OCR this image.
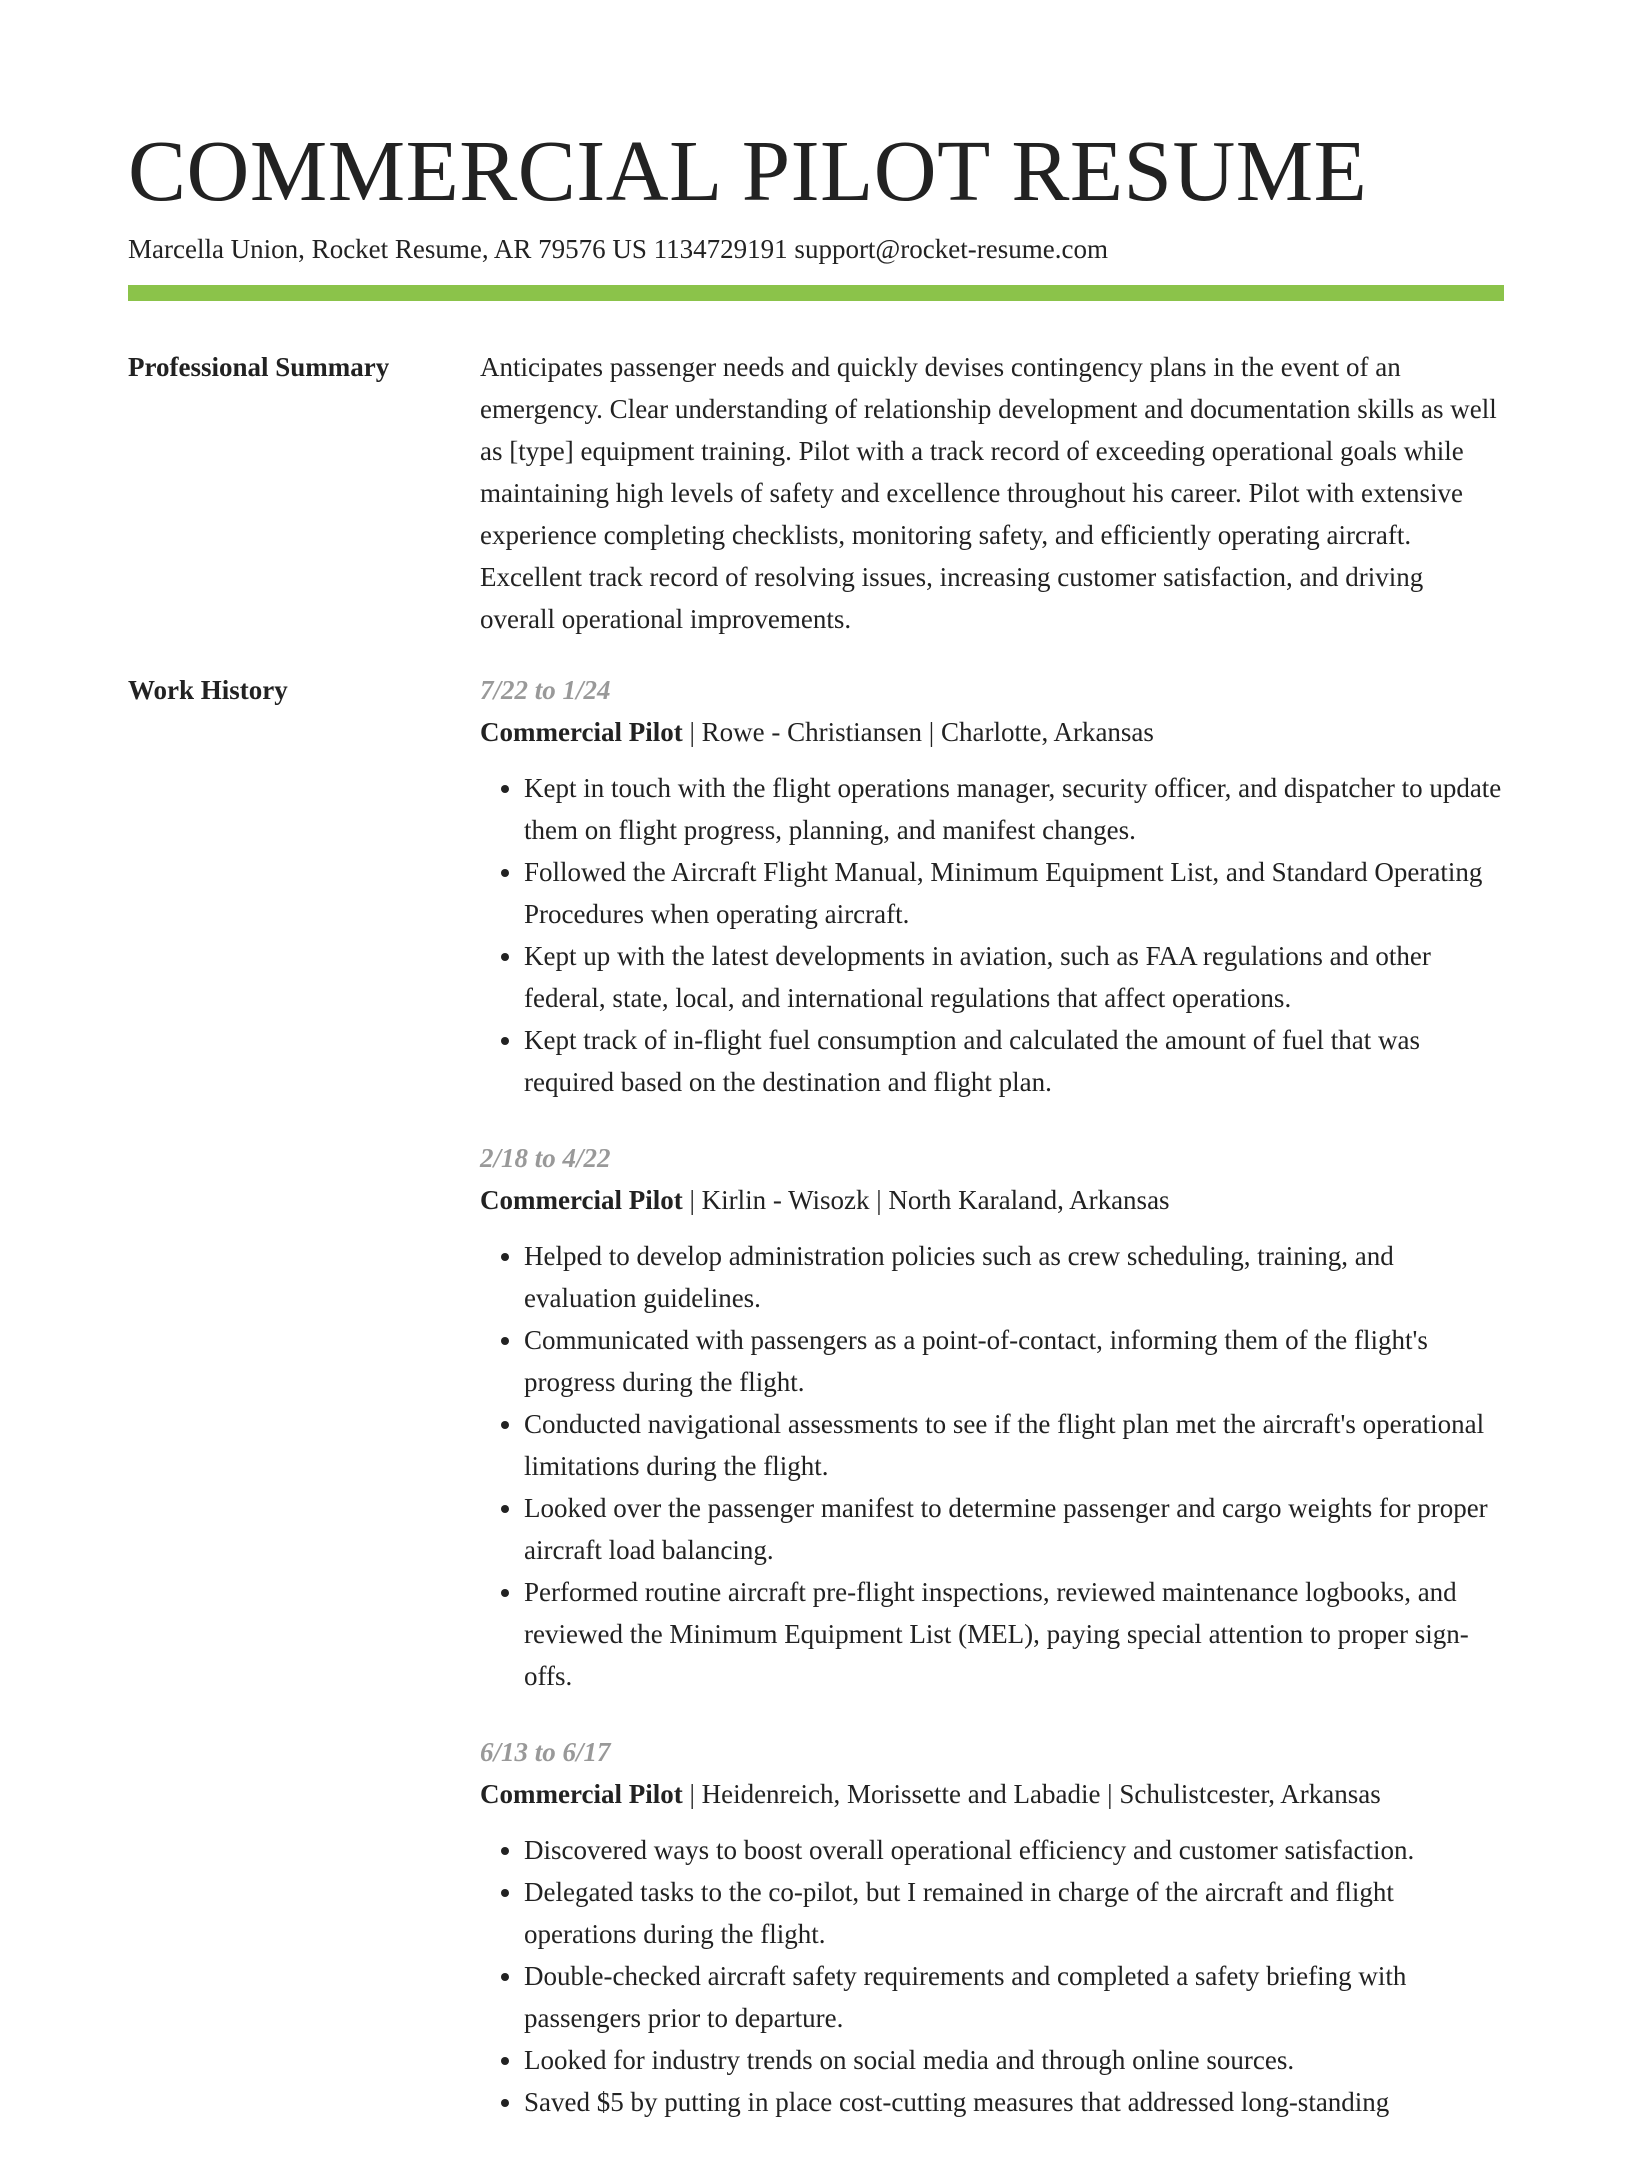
COMMERCIAL PILOT RESUME
Marcella Union, Rocket Resume, AR 79576 US 1134729191 support@rocket-resume.com
Professional Summary	Anticipates passenger needs and quickly devises contingency plans in the event of an emergency. Clear understanding of relationship development and documentation skills as well as [type] equipment training. Pilot with a track record of exceeding operational goals while maintaining high levels of safety and excellence throughout his career. Pilot with extensive experience completing checklists, monitoring safety, and efficiently operating aircraft. Excellent track record of resolving issues, increasing customer satisfaction, and driving overall operational improvements.

Work History	7/22 to 1/24
Commercial Pilot | Rowe - Christiansen | Charlotte, Arkansas
• Kept in touch with the flight operations manager, security officer, and dispatcher to update them on flight progress, planning, and manifest changes.
• Followed the Aircraft Flight Manual, Minimum Equipment List, and Standard Operating Procedures when operating aircraft.
• Kept up with the latest developments in aviation, such as FAA regulations and other federal, state, local, and international regulations that affect operations.
• Kept track of in-flight fuel consumption and calculated the amount of fuel that was required based on the destination and flight plan.
2/18 to 4/22
Commercial Pilot | Kirlin - Wisozk | North Karaland, Arkansas
• Helped to develop administration policies such as crew scheduling, training, and evaluation guidelines.
• Communicated with passengers as a point-of-contact, informing them of the flight's progress during the flight.
• Conducted navigational assessments to see if the flight plan met the aircraft's operational limitations during the flight.
• Looked over the passenger manifest to determine passenger and cargo weights for proper aircraft load balancing.
• Performed routine aircraft pre-flight inspections, reviewed maintenance logbooks, and reviewed the Minimum Equipment List (MEL), paying special attention to proper sign-offs.
6/13 to 6/17
Commercial Pilot | Heidenreich, Morissette and Labadie | Schulistcester, Arkansas
• Discovered ways to boost overall operational efficiency and customer satisfaction.
• Delegated tasks to the co-pilot, but I remained in charge of the aircraft and flight operations during the flight.
• Double-checked aircraft safety requirements and completed a safety briefing with passengers prior to departure.
• Looked for industry trends on social media and through online sources.
• Saved $5 by putting in place cost-cutting measures that addressed long-standing
